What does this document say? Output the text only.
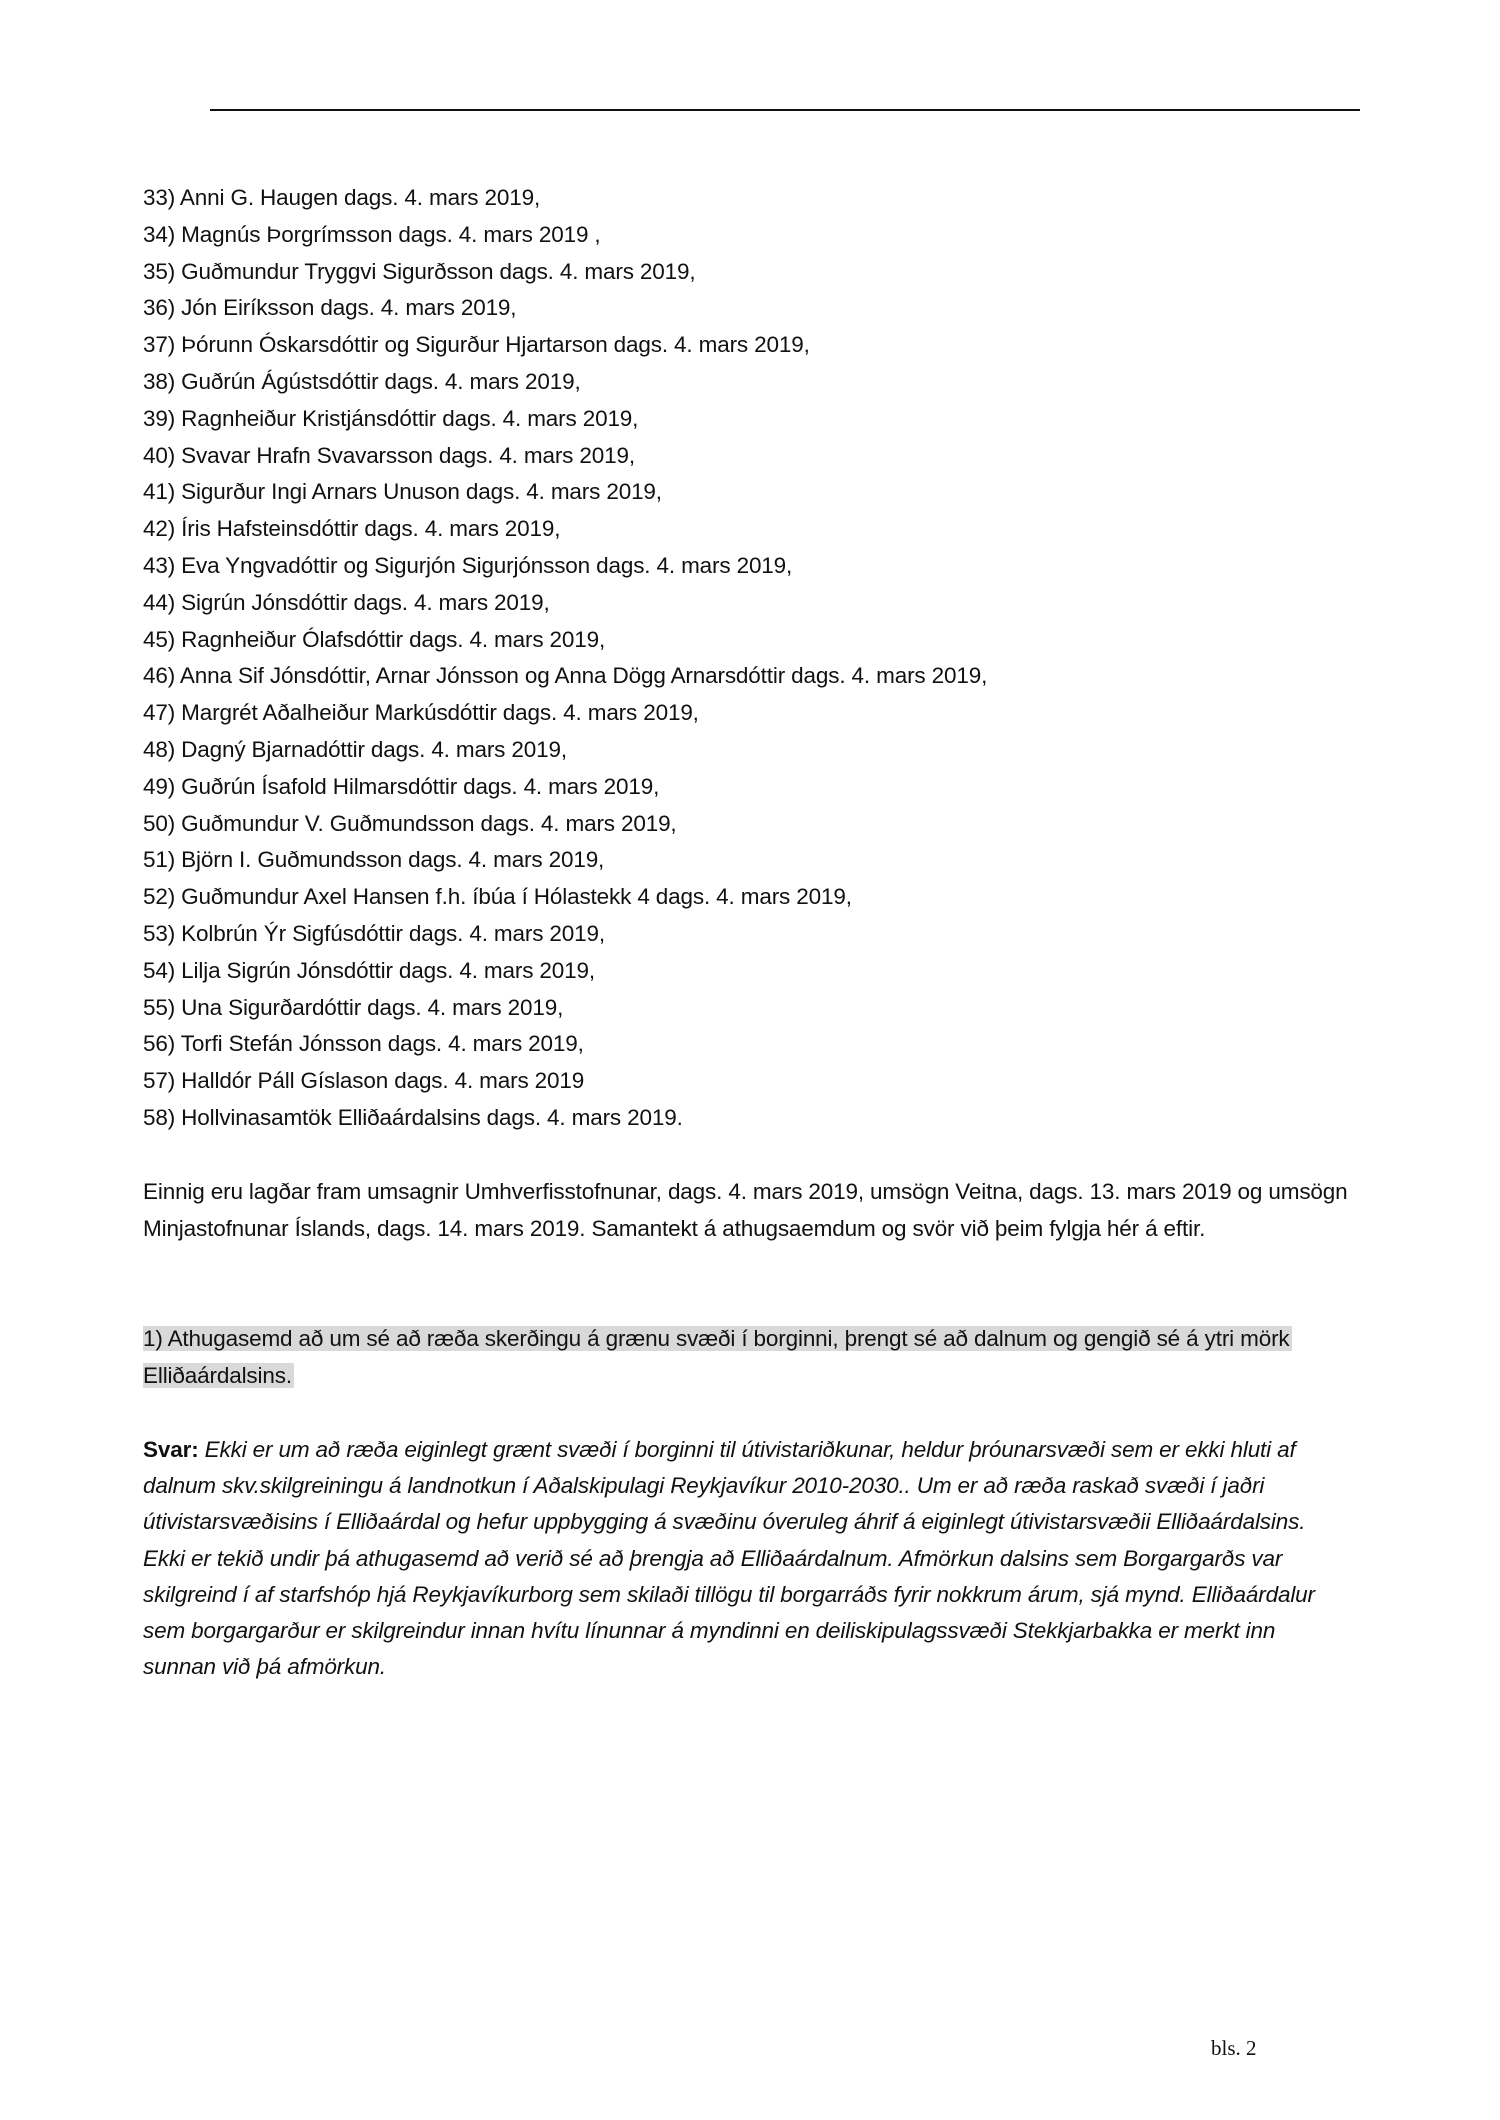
33) Anni G. Haugen dags. 4. mars 2019,
34) Magnús Þorgrímsson dags. 4. mars 2019 ,
35) Guðmundur Tryggvi Sigurðsson dags. 4. mars 2019,
36) Jón Eiríksson dags. 4. mars 2019,
37) Þórunn Óskarsdóttir og Sigurður Hjartarson dags. 4. mars 2019,
38) Guðrún Ágústsdóttir dags. 4. mars 2019,
39) Ragnheiður Kristjánsdóttir dags. 4. mars 2019,
40) Svavar Hrafn Svavarsson dags. 4. mars 2019,
41) Sigurður Ingi Arnars Unuson dags. 4. mars 2019,
42) Íris Hafsteinsdóttir dags. 4. mars 2019,
43) Eva Yngvadóttir og Sigurjón Sigurjónsson dags. 4. mars 2019,
44) Sigrún Jónsdóttir dags. 4. mars 2019,
45) Ragnheiður Ólafsdóttir dags. 4. mars 2019,
46) Anna Sif Jónsdóttir, Arnar Jónsson og Anna Dögg Arnarsdóttir dags. 4. mars 2019,
47) Margrét Aðalheiður Markúsdóttir dags. 4. mars 2019,
48) Dagný Bjarnadóttir dags. 4. mars 2019,
49) Guðrún Ísafold Hilmarsdóttir dags. 4. mars 2019,
50) Guðmundur V. Guðmundsson dags. 4. mars 2019,
51) Björn I. Guðmundsson dags. 4. mars 2019,
52) Guðmundur Axel Hansen f.h. íbúa í Hólastekk 4 dags. 4. mars 2019,
53) Kolbrún Ýr Sigfúsdóttir dags. 4. mars 2019,
54) Lilja Sigrún Jónsdóttir dags. 4. mars 2019,
55) Una Sigurðardóttir dags. 4. mars 2019,
56) Torfi Stefán Jónsson dags. 4. mars 2019,
57) Halldór Páll Gíslason dags. 4. mars 2019
58) Hollvinasamtök Elliðaárdalsins dags. 4. mars 2019.

Einnig eru lagðar fram umsagnir Umhverfisstofnunar, dags. 4. mars 2019, umsögn Veitna, dags. 13. mars 2019 og umsögn Minjastofnunar Íslands, dags. 14. mars 2019. Samantekt á athugsaemdum og svör við þeim fylgja hér á eftir.

1) Athugasemd að um sé að ræða skerðingu á grænu svæði í borginni, þrengt sé að dalnum og gengið sé á ytri mörk Elliðaárdalsins.

Svar: Ekki er um að ræða eiginlegt grænt svæði í borginni til útivistariðkunar, heldur þróunarsvæði sem er ekki hluti af dalnum skv.skilgreiningu á landnotkun í Aðalskipulagi Reykjavíkur 2010-2030.. Um er að ræða raskað svæði í jaðri útivistarsvæðisins í Elliðaárdal og hefur uppbygging á svæðinu óveruleg áhrif á eiginlegt útivistarsvæðii Elliðaárdalsins. Ekki er tekið undir þá athugasemd að verið sé að þrengja að Elliðaárdalnum. Afmörkun dalsins sem Borgargarðs var skilgreind í af starfshóp hjá Reykjavíkurborg sem skilaði tillögu til borgarráðs fyrir nokkrum árum, sjá mynd. Elliðaárdalur sem borgargarður er skilgreindur innan hvítu línunnar á myndinni en deiliskipulagssvæði Stekkjarbakka er merkt inn sunnan við þá afmörkun.

bls. 2
